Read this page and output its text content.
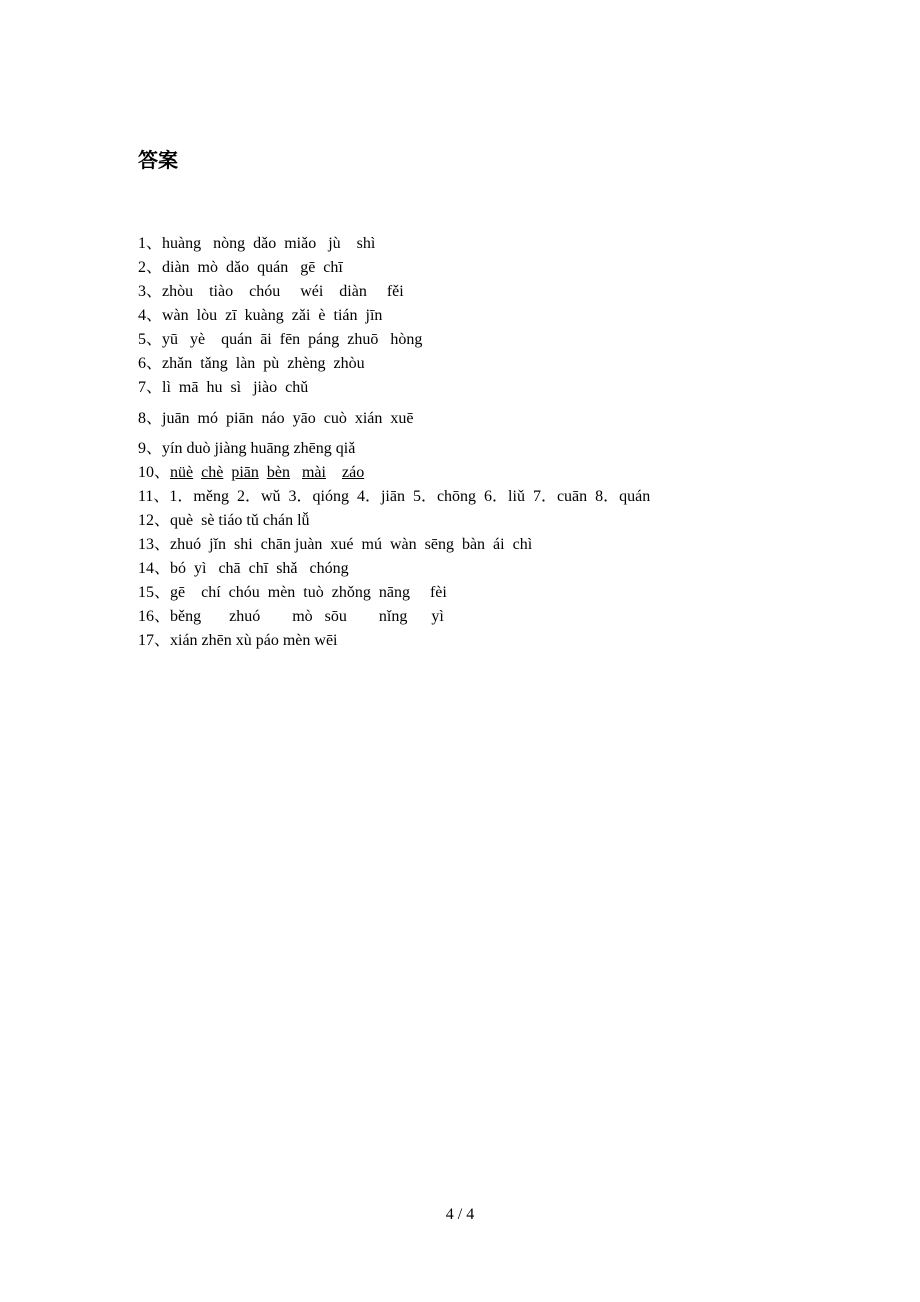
答案
1、huàng   nòng  dǎo  miǎo   jù    shì
2、diàn  mò  dǎo  quán   gē  chī
3、zhòu    tiào    chóu     wéi    diàn     fěi
4、wàn  lòu  zī  kuàng  zǎi  è  tián  jīn
5、yū   yè    quán  āi  fēn  páng  zhuō   hòng
6、zhǎn  tǎng  làn  pù  zhèng  zhòu
7、lì  mā  hu  sì   jiào  chǔ
8、juān  mó  piān  náo  yāo  cuò  xián  xuē
9、yín duò jiàng huāng zhēng qiǎ
10、nüè chè piān bèn mài záo
11、1．měng  2．wǔ  3．qióng  4．jiān  5．chōng  6．liǔ  7．cuān  8．quán
12、què  sè tiáo tǔ chán lǚ
13、zhuó  jǐn  shi  chān juàn  xué  mú  wàn  sēng  bàn  ái  chì
14、bó  yì   chā  chī  shǎ   chóng
15、gē    chí  chóu  mèn  tuò  zhǒng  nāng     fèi
16、běng       zhuó        mò   sōu        nǐng      yì
17、xián zhēn xù páo mèn wēi
4 / 4
